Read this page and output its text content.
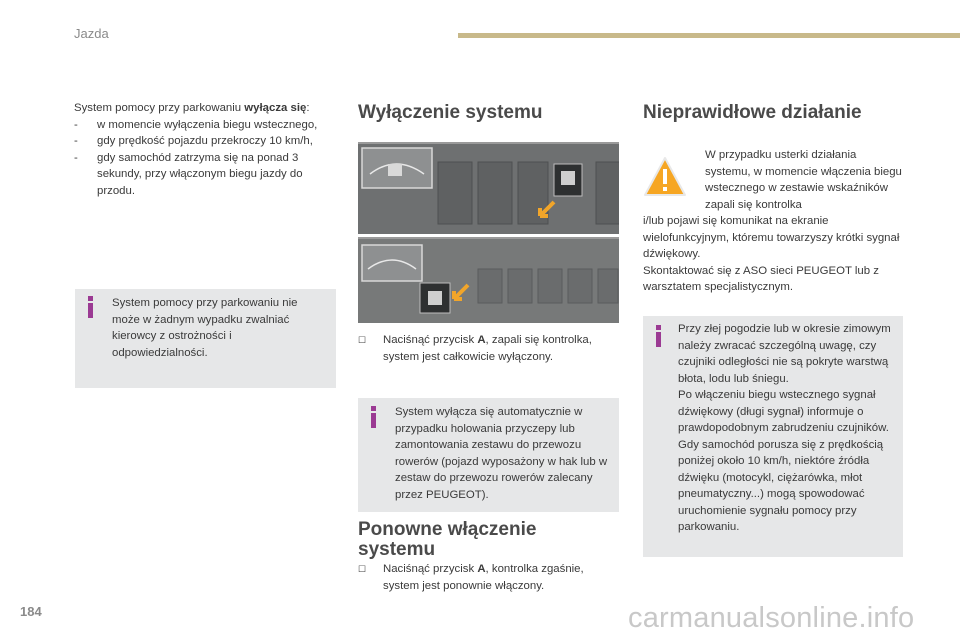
Jazda
System pomocy przy parkowaniu wyłącza się:
- w momencie wyłączenia biegu wstecznego,
- gdy prędkość pojazdu przekroczy 10 km/h,
- gdy samochód zatrzyma się na ponad 3 sekundy, przy włączonym biegu jazdy do przodu.
System pomocy przy parkowaniu nie może w żadnym wypadku zwalniać kierowcy z ostrożności i odpowiedzialności.
Wyłączenie systemu
☐	Naciśnąć przycisk A, zapali się kontrolka, system jest całkowicie wyłączony.
System wyłącza się automatycznie w przypadku holowania przyczepy lub zamontowania zestawu do przewozu rowerów (pojazd wyposażony w hak lub w zestaw do przewozu rowerów zalecany przez PEUGEOT).
Ponowne włączenie systemu
☐	Naciśnąć przycisk A, kontrolka zgaśnie, system jest ponownie włączony.
Nieprawidłowe działanie
W przypadku usterki działania systemu, w momencie włączenia biegu wstecznego w zestawie wskaźników zapali się kontrolka
i/lub pojawi się komunikat na ekranie wielofunkcyjnym, któremu towarzyszy krótki sygnał dźwiękowy.
Skontaktować się z ASO sieci PEUGEOT lub z warsztatem specjalistycznym.
Przy złej pogodzie lub w okresie zimowym należy zwracać szczególną uwagę, czy czujniki odległości nie są pokryte warstwą błota, lodu lub śniegu.
Po włączeniu biegu wstecznego sygnał dźwiękowy (długi sygnał) informuje o prawdopodobnym zabrudzeniu czujników.
Gdy samochód porusza się z prędkością poniżej około 10 km/h, niektóre źródła dźwięku (motocykl, ciężarówka, młot pneumatyczny...) mogą spowodować uruchomienie sygnału pomocy przy parkowaniu.
184	carmanualsonline.info
